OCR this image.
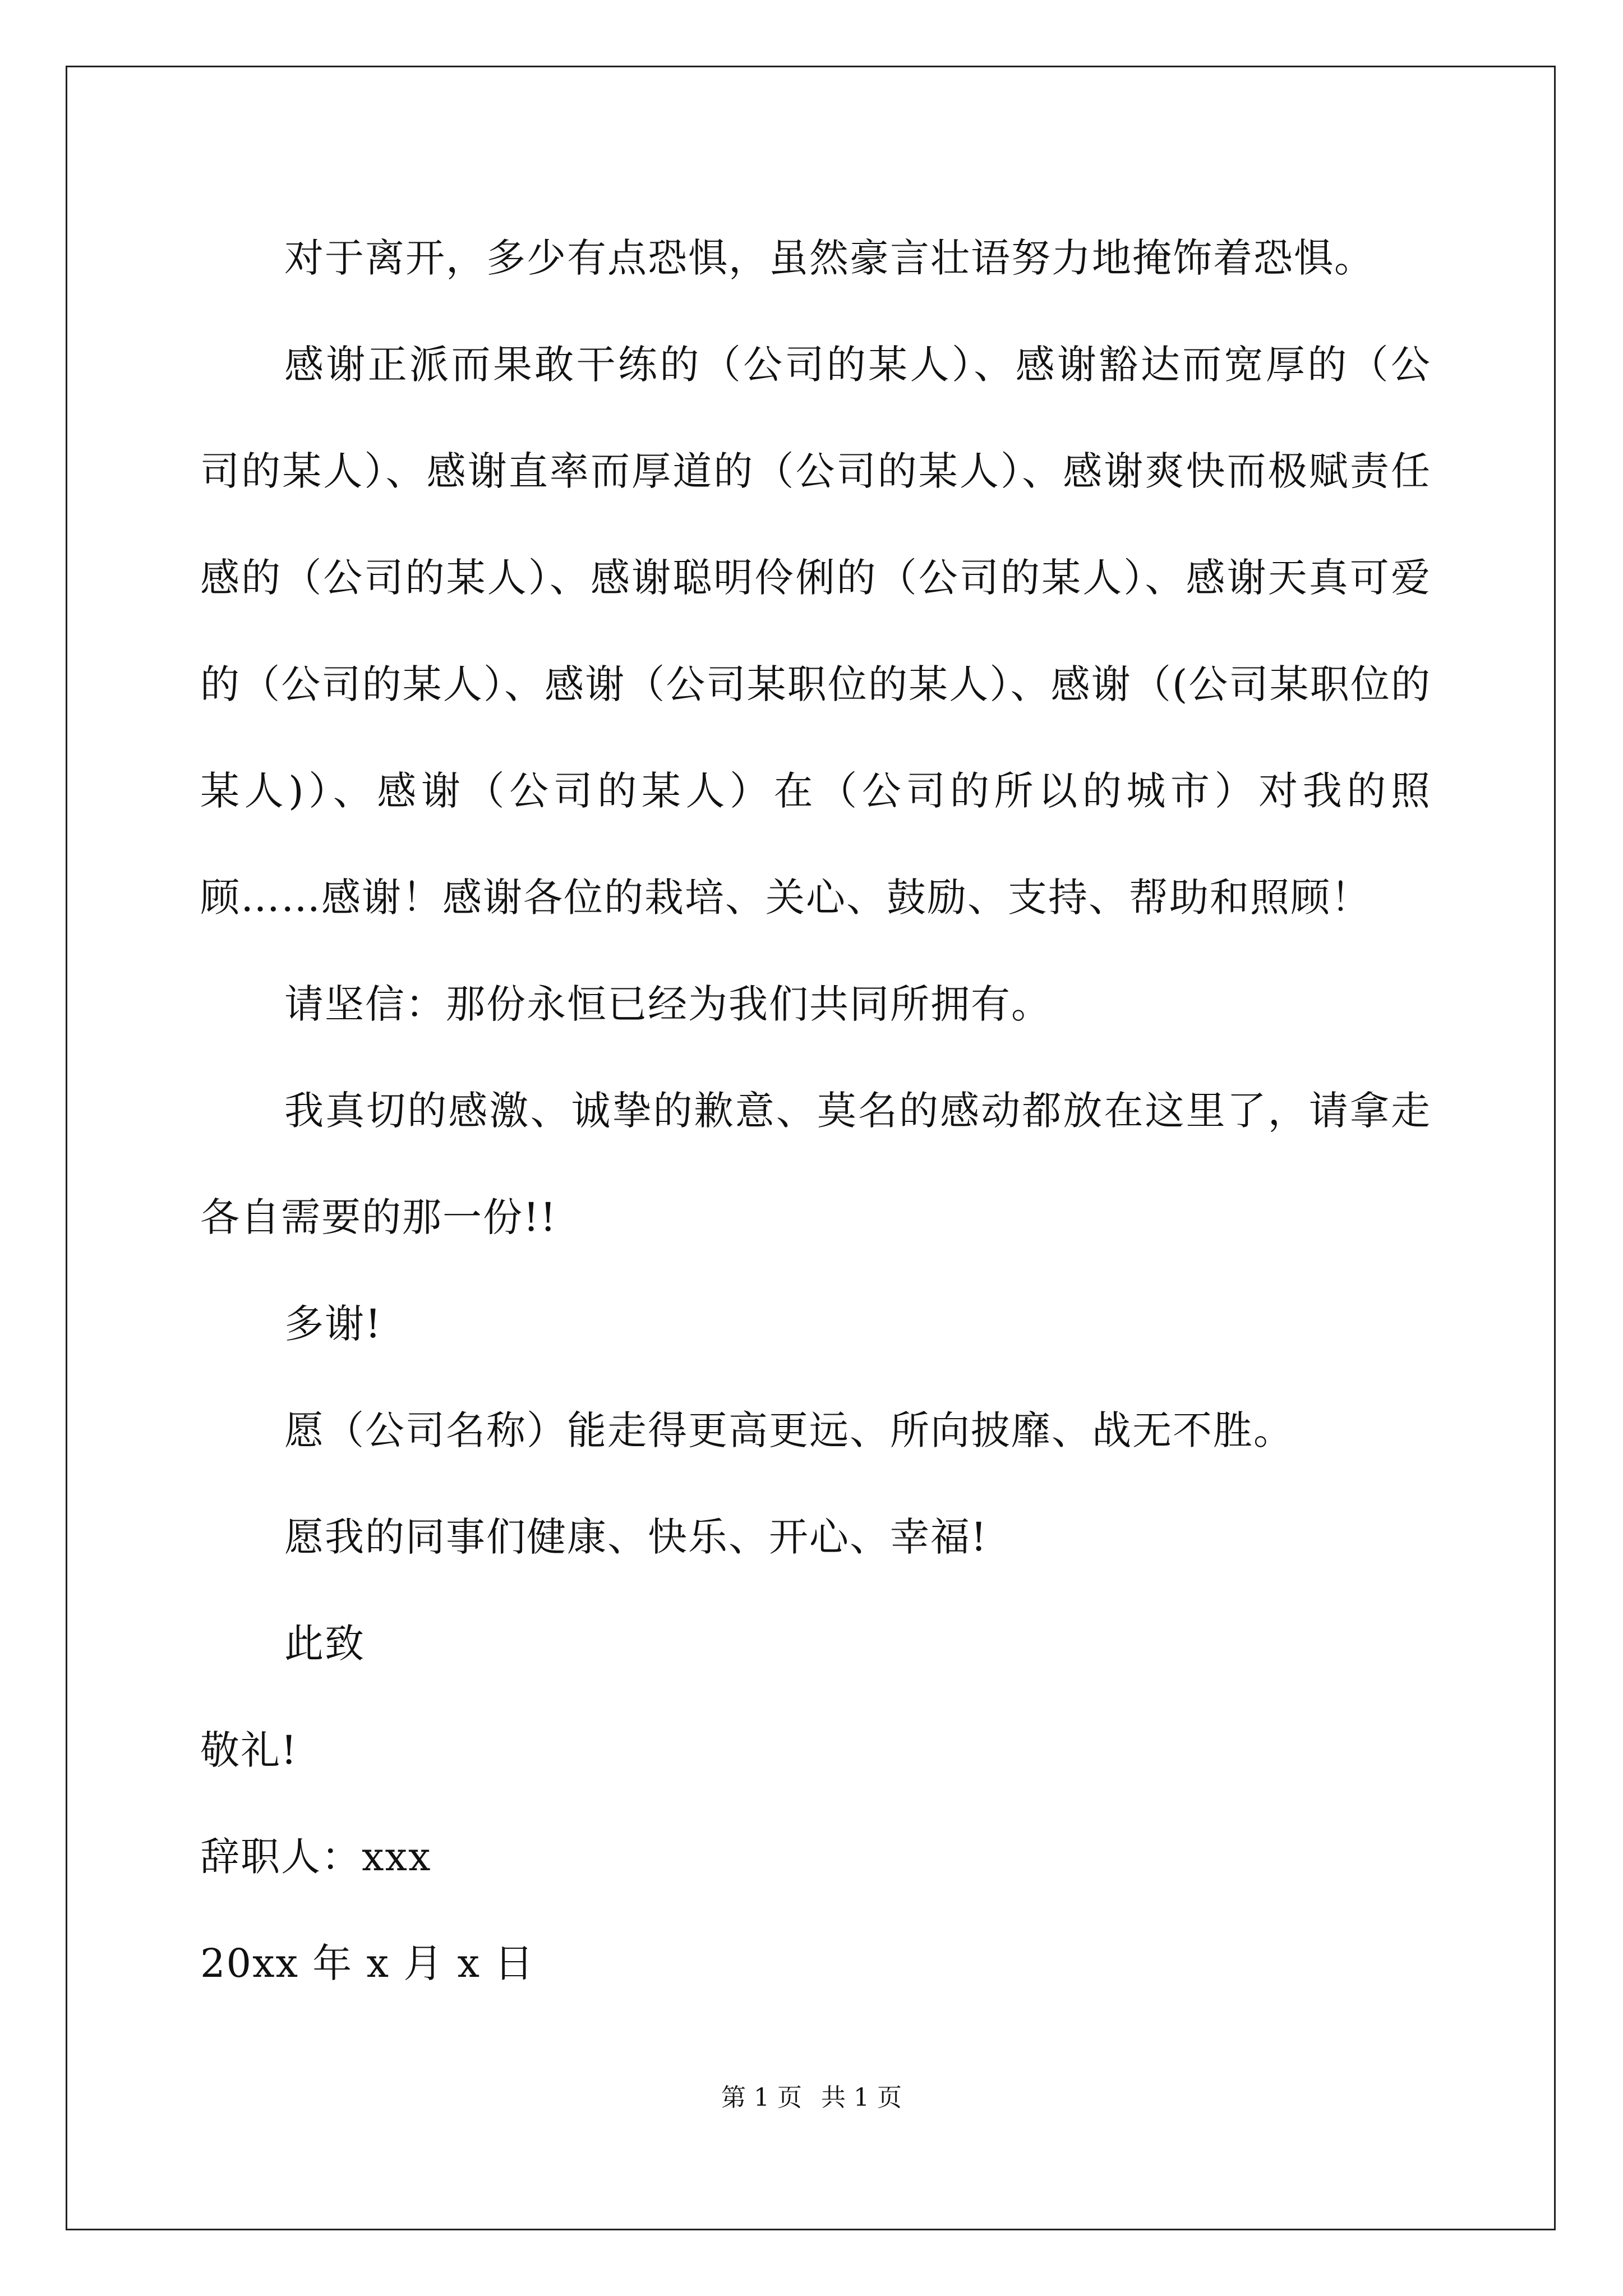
对于离开，多少有点恐惧，虽然豪言壮语努力地掩饰着恐惧。

感谢正派而果敢干练的（公司的某人）、感谢豁达而宽厚的（公司的某人）、感谢直率而厚道的（公司的某人）、感谢爽快而极赋责任感的（公司的某人）、感谢聪明伶俐的（公司的某人）、感谢天真可爱的（公司的某人）、感谢（公司某职位的某人）、感谢（(公司某职位的某人)）、感谢（公司的某人）在（公司的所以的城市）对我的照顾……感谢！感谢各位的栽培、关心、鼓励、支持、帮助和照顾！

请坚信：那份永恒已经为我们共同所拥有。

我真切的感激、诚挚的歉意、莫名的感动都放在这里了，请拿走各自需要的那一份!!

多谢!

愿（公司名称）能走得更高更远、所向披靡、战无不胜。

愿我的同事们健康、快乐、开心、幸福!

此致

敬礼!

辞职人：xxx

20xx 年 x 月 x 日

第 1 页 共 1 页
